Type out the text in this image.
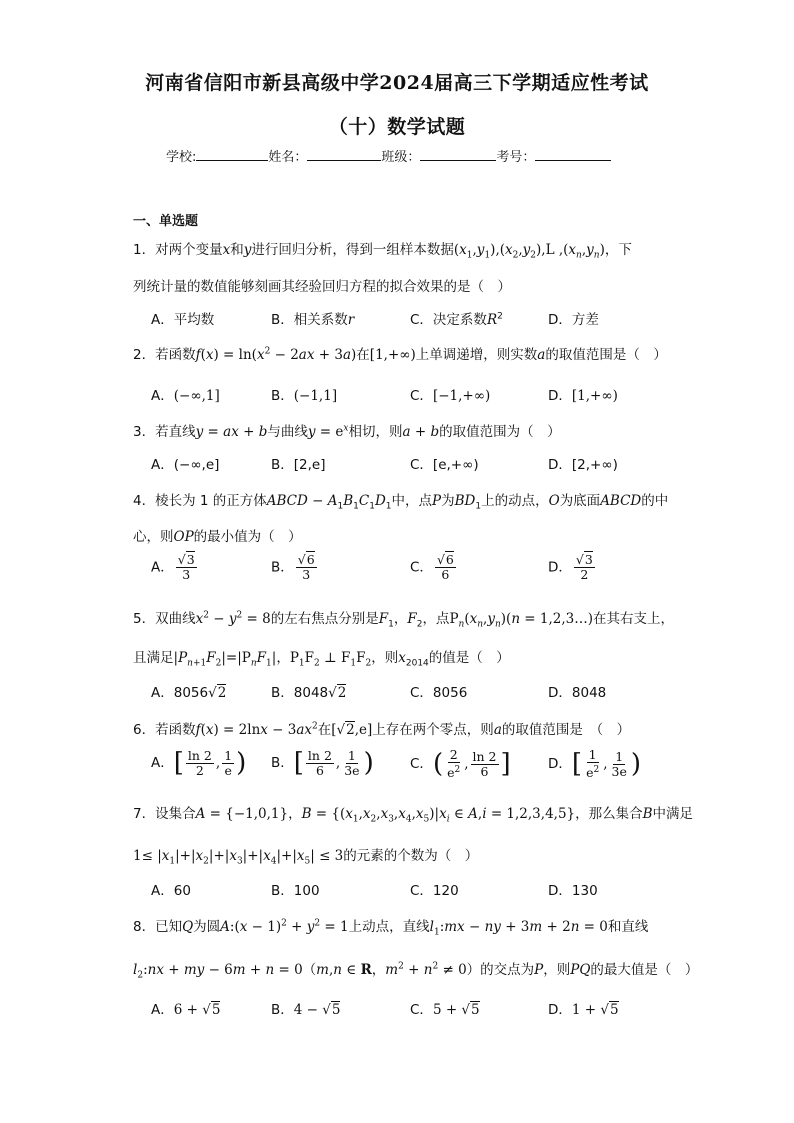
河南省信阳市新县高级中学2024届高三下学期适应性考试
（十）数学试题
学校:	姓名：	班级：	考号：
一、单选题
1．对两个变量x和y进行回归分析，得到一组样本数据$(x_1,y_1),(x_2,y_2),L$ $,(x_n,y_n)$，下
列统计量的数值能够刻画其经验回归方程的拟合效果的是（　）
A．平均数	B．相关系数r	C．决定系数$R^2$	D．方差
2．若函数$f(x) = \ln(x^2 - 2ax + 3a)$在[1,+∞)上单调递增，则实数a的取值范围是（　）
A．(−∞,1]	B．(−1,1]	C．[−1,+∞)	D．[1,+∞)
3．若直线y = ax + b与曲线$y = e^x$相切，则a + b的取值范围为（　）
A．(−∞,e]	B．[2,e]	C．[e,+∞)	D．[2,+∞)
4．棱长为 1 的正方体ABCD − $A_1B_1C_1D_1$中，点P为$BD_1$上的动点，O为底面ABCD的中
心，则OP的最小值为（　）
A． $\frac{√3}{3}$	B． $\frac{√6}{3}$	C． $\frac{√6}{6}$	D． $\frac{√3}{2}$
5．双曲线$x^2 - y^2 = 8$的左右焦点分别是$F_1$，$F_2$，点$P_n(x_n,y_n)(n$ = 1,2,3…)在其右支上，
且满足$|P_{n+1}F_2|=|P_nF_1|$，$P_1F_2$ ⊥ $F_1F_2$，则$x_{2014}$的值是（　）
A．8056√2	B．8048√2	C．8056	D．8048
6．若函数$f(x) = 2\ln x - 3ax^2$在[√2,e]上存在两个零点，则a的取值范围是　（　）
A．[ $\frac{\ln 2}{2}$ , $\frac{1}{e}$ ) B．[ $\frac{\ln 2}{6}$ , $\frac{1}{3e}$ )	C．( $\frac{2}{e^2}$ , $\frac{\ln 2}{6}$ ]	D．[ $\frac{1}{e^2}$ , $\frac{1}{3e}$ )
7．设集合A = {−1,0,1}，$B = \{(x_1,x_2,x_3,x_4,x_5)|x_i$ ∈ A,i = 1,2,3,4,5}，那么集合B中满足
$1\le |x_1|+|x_2|+|x_3|+|x_4|+|x_5| \le 3$的元素的个数为（　）
A．60	B．100	C．120	D．130
8．已知Q为圆A:(x − $1)^2 + y^2 = 1$上动点，直线$l_1:mx$ − ny + 3m + 2n = 0和直线
$l_2:nx$ + my − 6m + n = 0（m,n ∈ R，$m^2 + n^2 \ne 0$）的交点为P，则PQ的最大值是（　）
A．6 + √5	B．4 − √5	C．5 + √5	D．1 + √5
